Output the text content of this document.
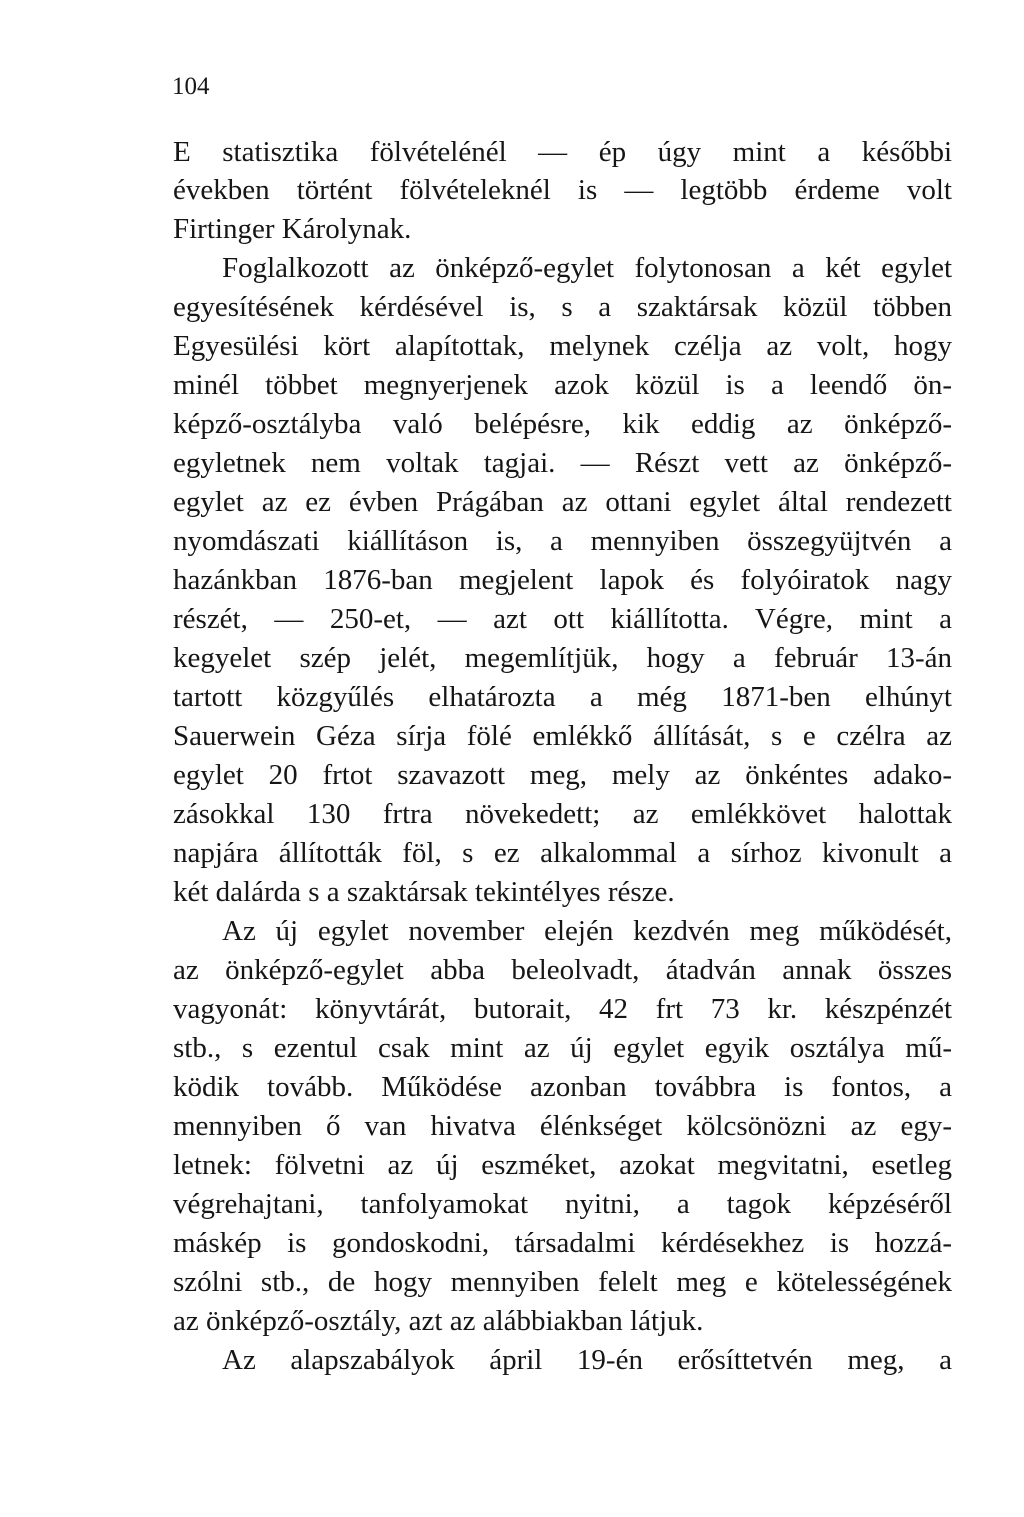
104

E statisztika fölvételénél — ép úgy mint a későbbi

években történt fölvételeknél is — legtöbb érdeme volt

Firtinger Károlynak.

Foglalkozott az önképző-egylet folytonosan a két egylet

egyesítésének kérdésével is, s a szaktársak közül többen

Egyesülési kört alapítottak, melynek czélja az volt, hogy

minél többet megnyerjenek azok közül is a leendő ön-

képző-osztályba való belépésre, kik eddig az önképző-

egyletnek nem voltak tagjai. — Részt vett az önképző-

egylet az ez évben Prágában az ottani egylet által rendezett

nyomdászati kiállításon is, a mennyiben összegyüjtvén a

hazánkban 1876-ban megjelent lapok és folyóiratok nagy

részét, — 250-et, — azt ott kiállította. Végre, mint a

kegyelet szép jelét, megemlítjük, hogy a február 13-án

tartott közgyűlés elhatározta a még 1871-ben elhúnyt

Sauerwein Géza sírja fölé emlékkő állítását, s e czélra az

egylet 20 frtot szavazott meg, mely az önkéntes adako-

zásokkal 130 frtra növekedett; az emlékkövet halottak

napjára állították föl, s ez alkalommal a sírhoz kivonult a

két dalárda s a szaktársak tekintélyes része.

Az új egylet november elején kezdvén meg működését,

az önképző-egylet abba beleolvadt, átadván annak összes

vagyonát: könyvtárát, butorait, 42 frt 73 kr. készpénzét

stb., s ezentul csak mint az új egylet egyik osztálya mű-

ködik tovább. Működése azonban továbbra is fontos, a

mennyiben ő van hivatva élénkséget kölcsönözni az egy-

letnek: fölvetni az új eszméket, azokat megvitatni, esetleg

végrehajtani, tanfolyamokat nyitni, a tagok képzéséről

máskép is gondoskodni, társadalmi kérdésekhez is hozzá-

szólni stb., de hogy mennyiben felelt meg e kötelességének

az önképző-osztály, azt az alábbiakban látjuk.

Az alapszabályok ápril 19-én erősíttetvén meg, a
